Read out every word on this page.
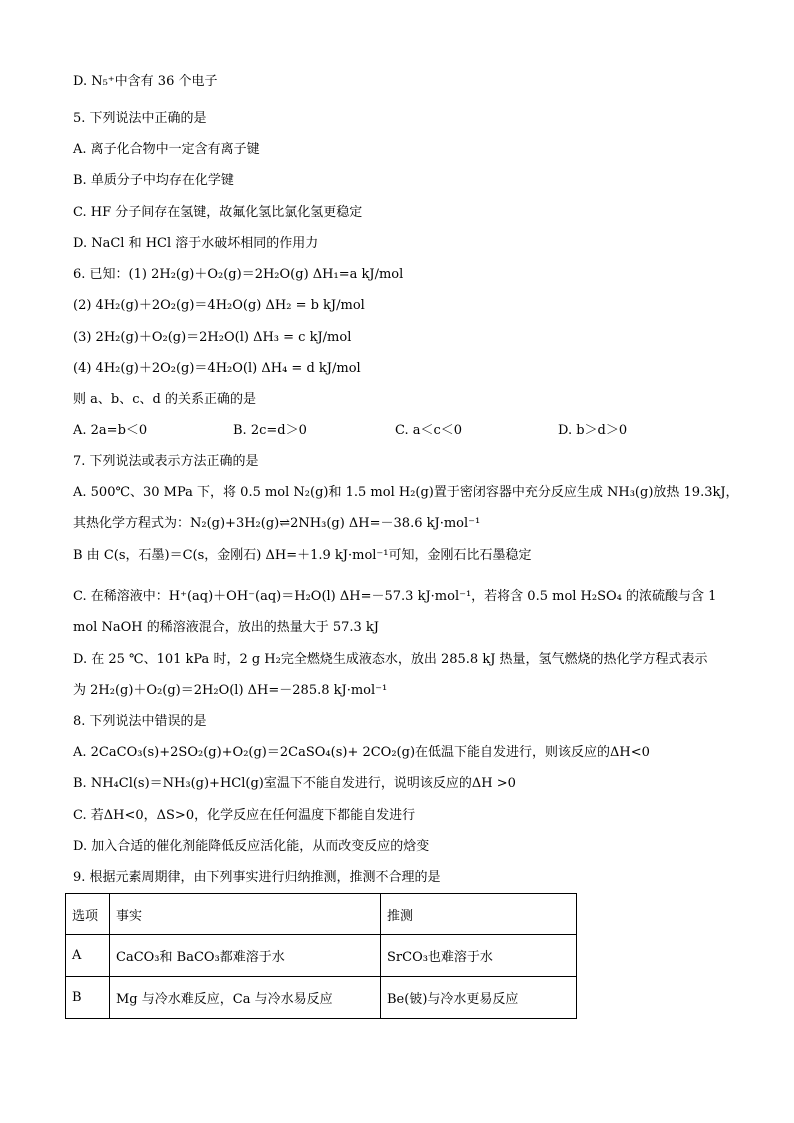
D. N₅⁺中含有 36 个电子
5. 下列说法中正确的是
A. 离子化合物中一定含有离子键
B. 单质分子中均存在化学键
C. HF 分子间存在氢键，故氟化氢比氯化氢更稳定
D. NaCl 和 HCl 溶于水破坏相同的作用力
6. 已知：(1) 2H₂(g)＋O₂(g)＝2H₂O(g) ΔH₁=a kJ/mol
(2) 4H₂(g)＋2O₂(g)＝4H₂O(g) ΔH₂ = b kJ/mol
(3) 2H₂(g)＋O₂(g)＝2H₂O(l) ΔH₃ = c kJ/mol
(4) 4H₂(g)＋2O₂(g)＝4H₂O(l) ΔH₄ = d kJ/mol
则 a、b、c、d 的关系正确的是
7. 下列说法或表示方法正确的是
A. 500℃、30 MPa 下，将 0.5 mol N₂(g)和 1.5 mol H₂(g)置于密闭容器中充分反应生成 NH₃(g)放热 19.3kJ，
其热化学方程式为：N₂(g)+3H₂(g)⇌2NH₃(g) ΔH=－38.6 kJ·mol⁻¹
B 由 C(s，石墨)＝C(s，金刚石) ΔH=＋1.9 kJ·mol⁻¹可知，金刚石比石墨稳定
C. 在稀溶液中：H⁺(aq)＋OH⁻(aq)＝H₂O(l) ΔH=－57.3 kJ·mol⁻¹，若将含 0.5 mol H₂SO₄ 的浓硫酸与含 1
mol NaOH 的稀溶液混合，放出的热量大于 57.3 kJ
D. 在 25 ℃、101 kPa 时，2 g H₂完全燃烧生成液态水，放出 285.8 kJ 热量，氢气燃烧的热化学方程式表示
为 2H₂(g)＋O₂(g)＝2H₂O(l) ΔH=－285.8 kJ·mol⁻¹
8. 下列说法中错误的是
A. 2CaCO₃(s)+2SO₂(g)+O₂(g)＝2CaSO₄(s)+ 2CO₂(g)在低温下能自发进行，则该反应的ΔH<0
B. NH₄Cl(s)＝NH₃(g)+HCl(g)室温下不能自发进行，说明该反应的ΔH >0
C. 若ΔH<0，ΔS>0，化学反应在任何温度下都能自发进行
D. 加入合适的催化剂能降低反应活化能，从而改变反应的焓变
9. 根据元素周期律，由下列事实进行归纳推测，推测不合理的是
A. 2a=b＜0	B. 2c=d＞0	C. a＜c＜0	D. b＞d＞0
选项	事实	推测
A	CaCO₃和 BaCO₃都难溶于水	SrCO₃也难溶于水
B	Mg 与冷水难反应，Ca 与冷水易反应	Be(铍)与冷水更易反应
